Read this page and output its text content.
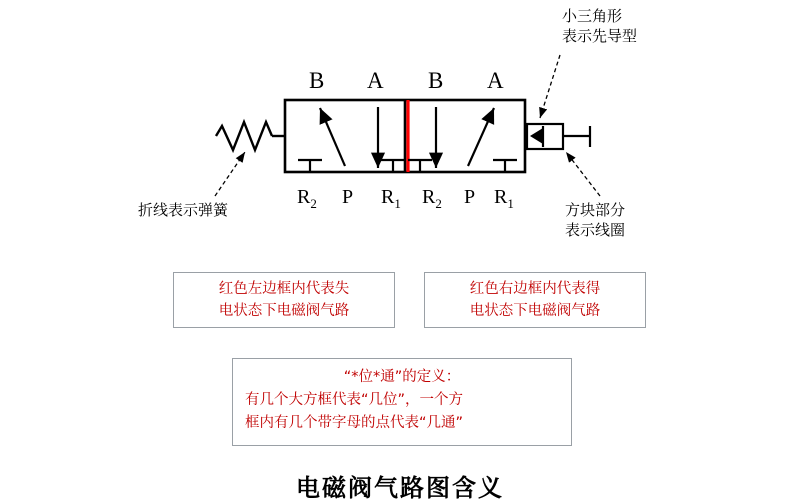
B A B A
$R_2$ P $R_1$ $R_2$ P $R_1$
小三角形
表示先导型
折线表示弹簧	方块部分
表示线圈
红色左边框内代表失
电状态下电磁阀气路
红色右边框内代表得
电状态下电磁阀气路
“*位*通”的定义：
有几个大方框代表“几位”，一个方
框内有几个带字母的点代表“几通”
电磁阀气路图含义
